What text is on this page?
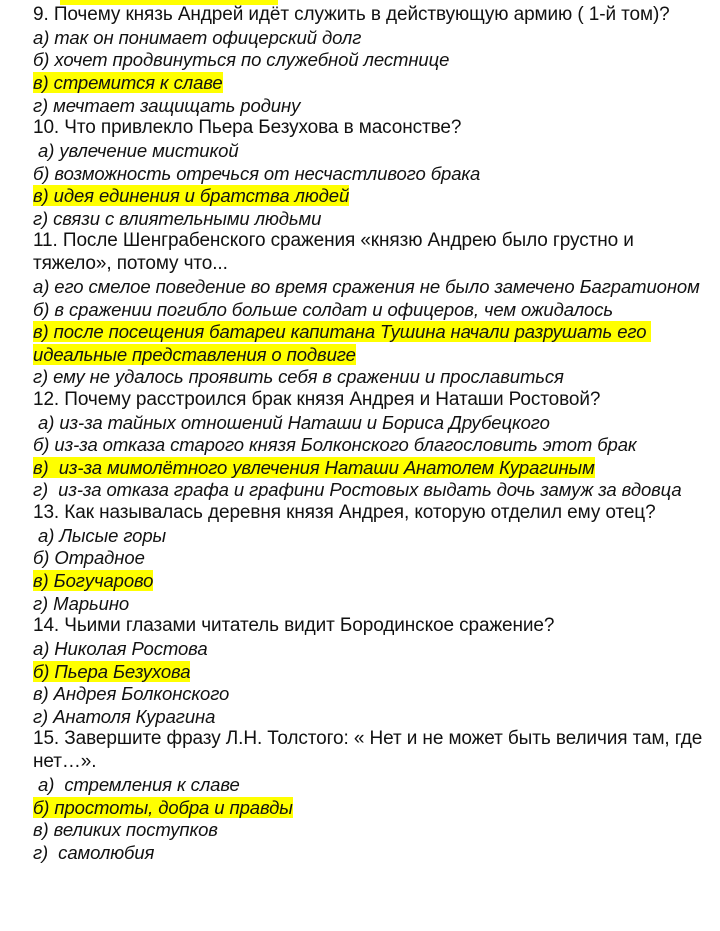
9. Почему князь Андрей идёт служить в действующую армию ( 1-й том)?
а) так он понимает офицерский долг
б) хочет продвинуться по служебной лестнице
в) стремится к славе
г) мечтает защищать родину
10. Что привлекло Пьера Безухова в масонстве?
а) увлечение мистикой
б) возможность отречься от несчастливого брака
в) идея единения и братства людей
г) связи с влиятельными людьми
11. После Шенграбенского сражения «князю Андрею было грустно и тяжело», потому что...
а) его смелое поведение во время сражения не было замечено Багратионом
б) в сражении погибло больше солдат и офицеров, чем ожидалось
в) после посещения батареи капитана Тушина начали разрушать его идеальные представления о подвиге
г) ему не удалось проявить себя в сражении и прославиться
12. Почему расстроился брак князя Андрея и Наташи Ростовой?
а) из-за тайных отношений Наташи и Бориса Друбецкого
б) из-за отказа старого князя Болконского благословить этот брак
в)  из-за мимолётного увлечения Наташи Анатолем Курагиным
г)  из-за отказа графа и графини Ростовых выдать дочь замуж за вдовца
13. Как называлась деревня князя Андрея, которую отделил ему отец?
а) Лысые горы
б) Отрадное
в) Богучарово
г) Марьино
14. Чьими глазами читатель видит Бородинское сражение?
а) Николая Ростова
б) Пьера Безухова
в) Андрея Болконского
г) Анатоля Курагина
15. Завершите фразу Л.Н. Толстого: « Нет и не может быть величия там, где нет…».
а)  стремления к славе
б) простоты, добра и правды
в) великих поступков
г)  самолюбия
